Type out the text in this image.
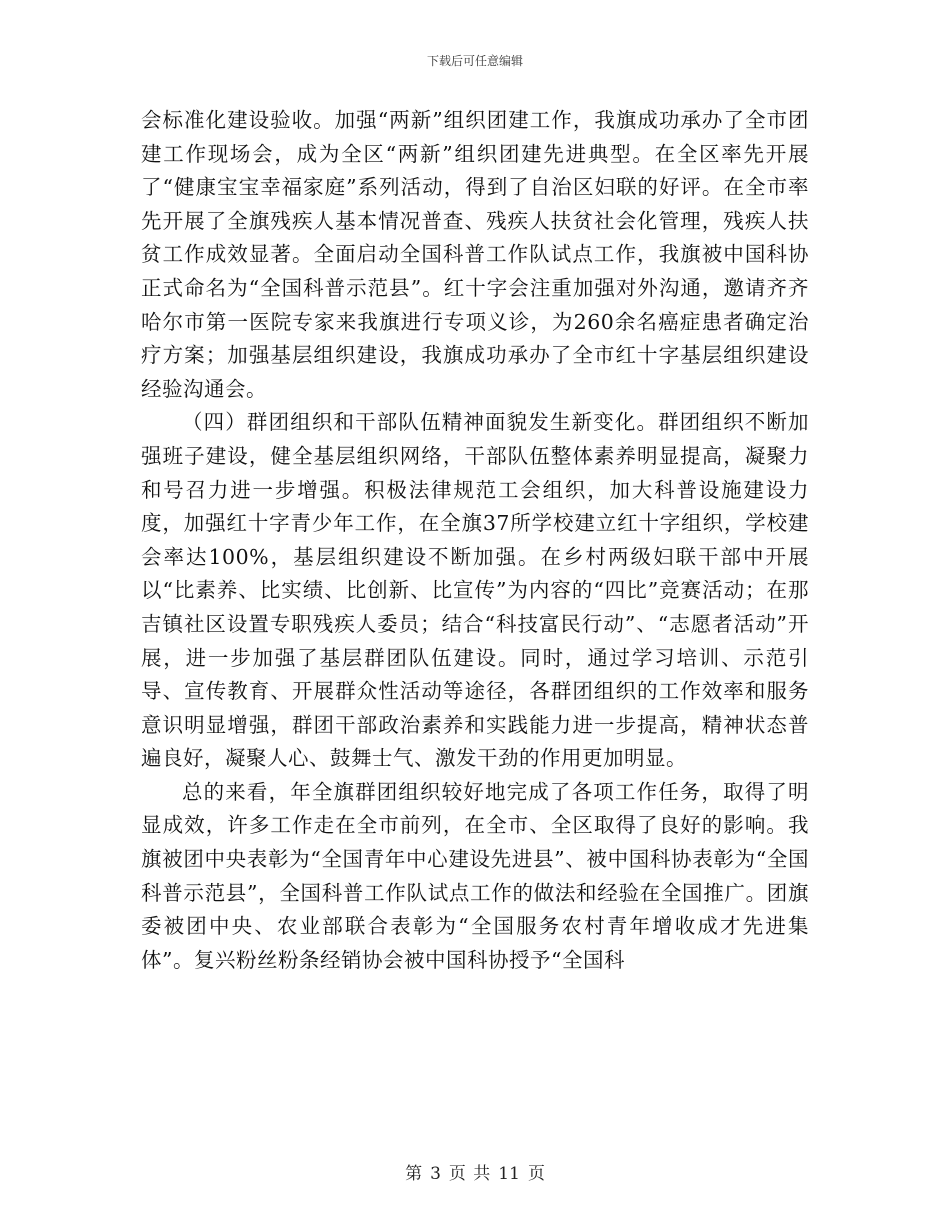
下载后可任意编辑

会标准化建设验收。加强“两新”组织团建工作，我旗成功承办了全市团建工作现场会，成为全区“两新”组织团建先进典型。在全区率先开展了“健康宝宝幸福家庭”系列活动，得到了自治区妇联的好评。在全市率先开展了全旗残疾人基本情况普查、残疾人扶贫社会化管理，残疾人扶贫工作成效显著。全面启动全国科普工作队试点工作，我旗被中国科协正式命名为“全国科普示范县”。红十字会注重加强对外沟通，邀请齐齐哈尔市第一医院专家来我旗进行专项义诊，为260余名癌症患者确定治疗方案；加强基层组织建设，我旗成功承办了全市红十字基层组织建设经验沟通会。

（四）群团组织和干部队伍精神面貌发生新变化。群团组织不断加强班子建设，健全基层组织网络，干部队伍整体素养明显提高，凝聚力和号召力进一步增强。积极法律规范工会组织，加大科普设施建设力度，加强红十字青少年工作，在全旗37所学校建立红十字组织，学校建会率达100%，基层组织建设不断加强。在乡村两级妇联干部中开展以“比素养、比实绩、比创新、比宣传”为内容的“四比”竞赛活动；在那吉镇社区设置专职残疾人委员；结合“科技富民行动”、“志愿者活动”开展，进一步加强了基层群团队伍建设。同时，通过学习培训、示范引导、宣传教育、开展群众性活动等途径，各群团组织的工作效率和服务意识明显增强，群团干部政治素养和实践能力进一步提高，精神状态普遍良好，凝聚人心、鼓舞士气、激发干劲的作用更加明显。

总的来看，年全旗群团组织较好地完成了各项工作任务，取得了明显成效，许多工作走在全市前列，在全市、全区取得了良好的影响。我旗被团中央表彰为“全国青年中心建设先进县”、被中国科协表彰为“全国科普示范县”，全国科普工作队试点工作的做法和经验在全国推广。团旗委被团中央、农业部联合表彰为“全国服务农村青年增收成才先进集体”。复兴粉丝粉条经销协会被中国科协授予“全国科

第 3 页 共 11 页
